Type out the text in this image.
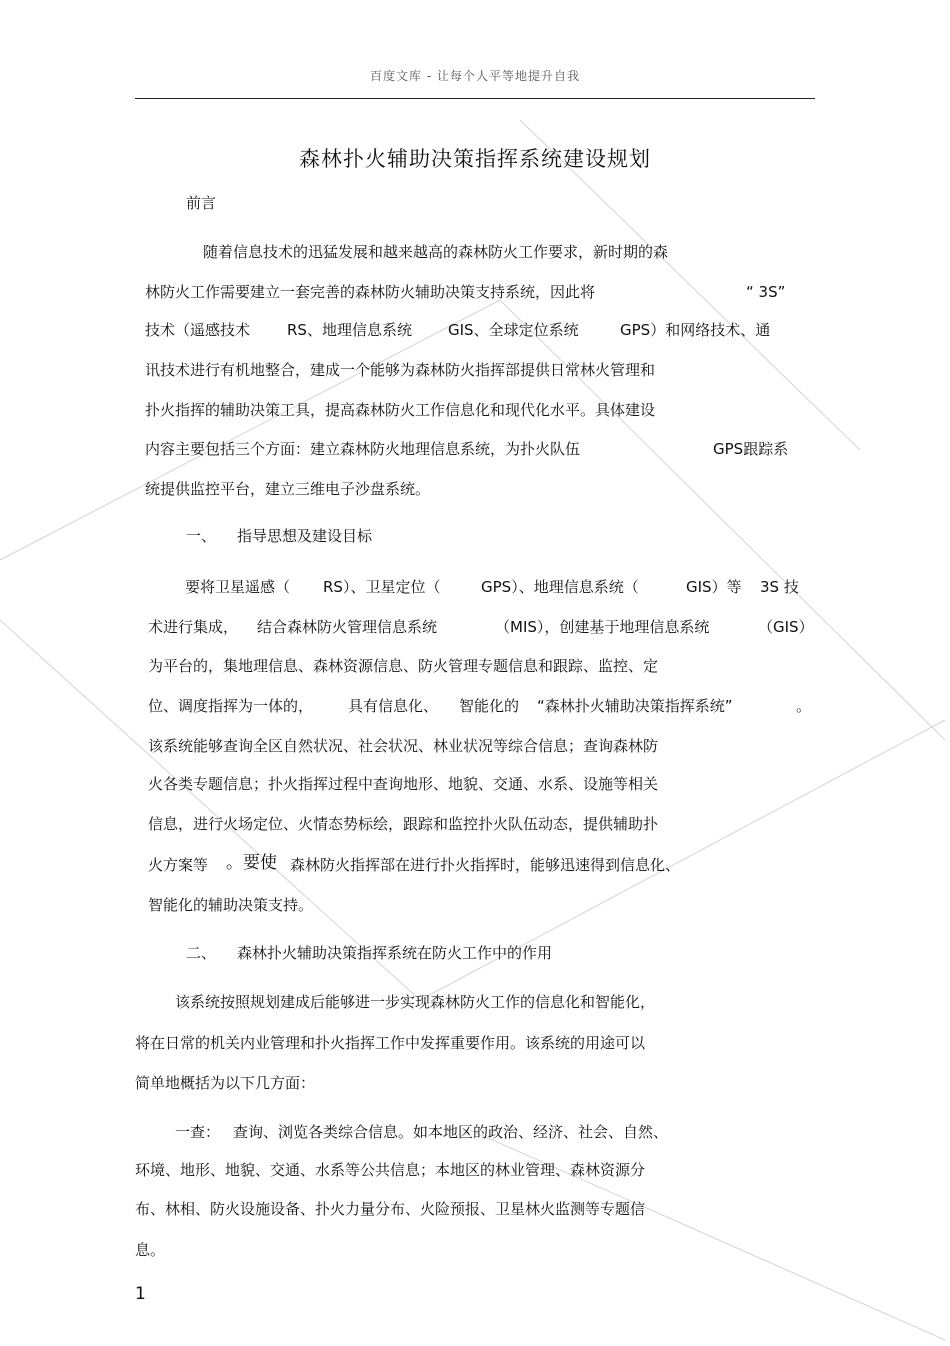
百度文库 - 让每个人平等地提升自我
森林扑火辅助决策指挥系统建设规划
前言
随着信息技术的迅猛发展和越来越高的森林防火工作要求，新时期的森
林防火工作需要建立一套完善的森林防火辅助决策支持系统，因此将	“ 3S”
技术（遥感技术 RS、地理信息系统 GIS、全球定位系统	GPS）和网络技术、通
讯技术进行有机地整合，建成一个能够为森林防火指挥部提供日常林火管理和
扑火指挥的辅助决策工具，提高森林防火工作信息化和现代化水平。具体建设
内容主要包括三个方面：建立森林防火地理信息系统，为扑火队伍	GPS跟踪系
统提供监控平台，建立三维电子沙盘系统。
一、 指导思想及建设目标
要将卫星遥感（ RS）、卫星定位（	GPS）、地理信息系统（	GIS）等 3S 技
术进行集成， 结合森林防火管理信息系统	（MIS），创建基于地理信息系统	（GIS）
为平台的，集地理信息、森林资源信息、防火管理专题信息和跟踪、监控、定
位、调度指挥为一体的， 具有信息化、 智能化的 “森林扑火辅助决策指挥系统”	。
该系统能够查询全区自然状况、社会状况、林业状况等综合信息；查询森林防
火各类专题信息；扑火指挥过程中查询地形、地貌、交通、水系、设施等相关
信息，进行火场定位、火情态势标绘，跟踪和监控扑火队伍动态，提供辅助扑
火方案等 。要使 森林防火指挥部在进行扑火指挥时，能够迅速得到信息化、
智能化的辅助决策支持。
二、 森林扑火辅助决策指挥系统在防火工作中的作用
该系统按照规划建成后能够进一步实现森林防火工作的信息化和智能化，
将在日常的机关内业管理和扑火指挥工作中发挥重要作用。该系统的用途可以
简单地概括为以下几方面：
一查： 查询、浏览各类综合信息。如本地区的政治、经济、社会、自然、
环境、地形、地貌、交通、水系等公共信息；本地区的林业管理、森林资源分
布、林相、防火设施设备、扑火力量分布、火险预报、卫星林火监测等专题信
息。
1
